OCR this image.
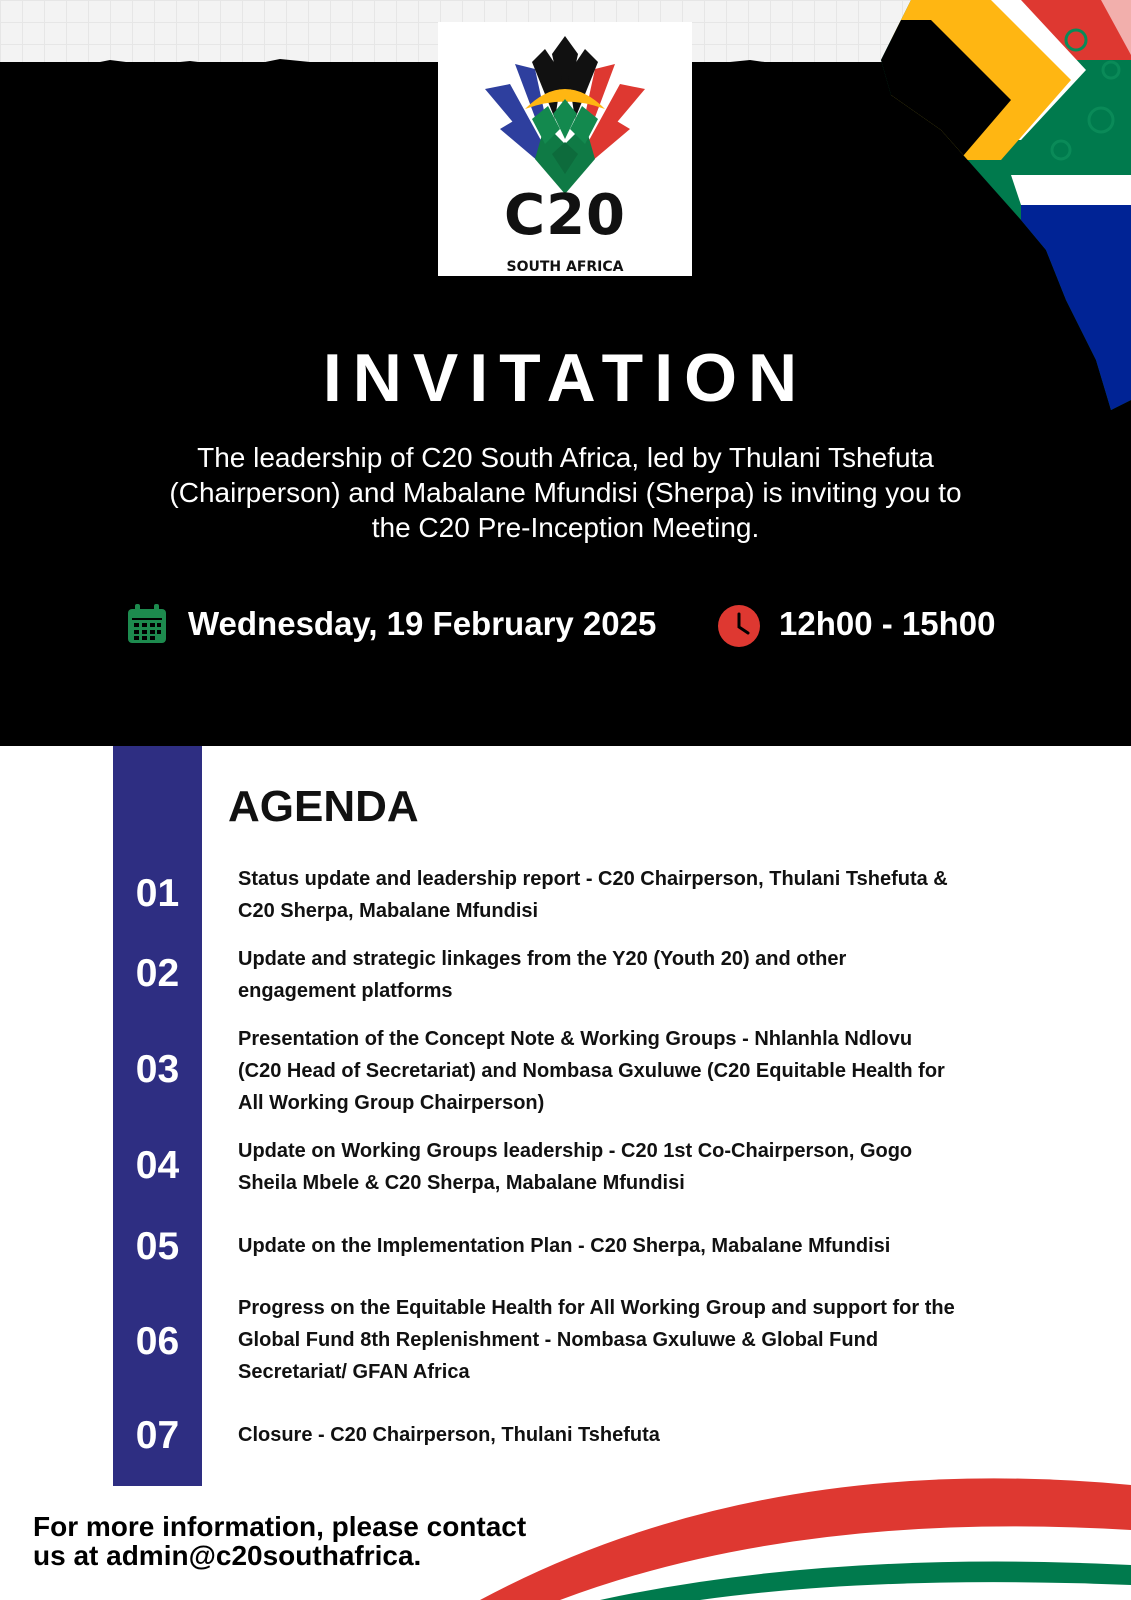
C20
SOUTH AFRICA
INVITATION
The leadership of C20 South Africa, led by Thulani Tshefuta
(Chairperson) and Mabalane Mfundisi (Sherpa) is inviting you to
the C20 Pre-Inception Meeting.
Wednesday, 19 February 2025	12h00 - 15h00
AGENDA
01	Status update and leadership report - C20 Chairperson, Thulani Tshefuta &
C20 Sherpa, Mabalane Mfundisi
02	Update and strategic linkages from the Y20 (Youth 20) and other
engagement platforms
03
Presentation of the Concept Note & Working Groups - Nhlanhla Ndlovu
(C20 Head of Secretariat) and Nombasa Gxuluwe (C20 Equitable Health for
All Working Group Chairperson)
04	Update on Working Groups leadership - C20 1st Co-Chairperson, Gogo
Sheila Mbele & C20 Sherpa, Mabalane Mfundisi
05	Update on the Implementation Plan - C20 Sherpa, Mabalane Mfundisi
06
Progress on the Equitable Health for All Working Group and support for the
Global Fund 8th Replenishment - Nombasa Gxuluwe & Global Fund
Secretariat/ GFAN Africa
07	Closure - C20 Chairperson, Thulani Tshefuta
For more information, please contact
us at admin@c20southafrica.
